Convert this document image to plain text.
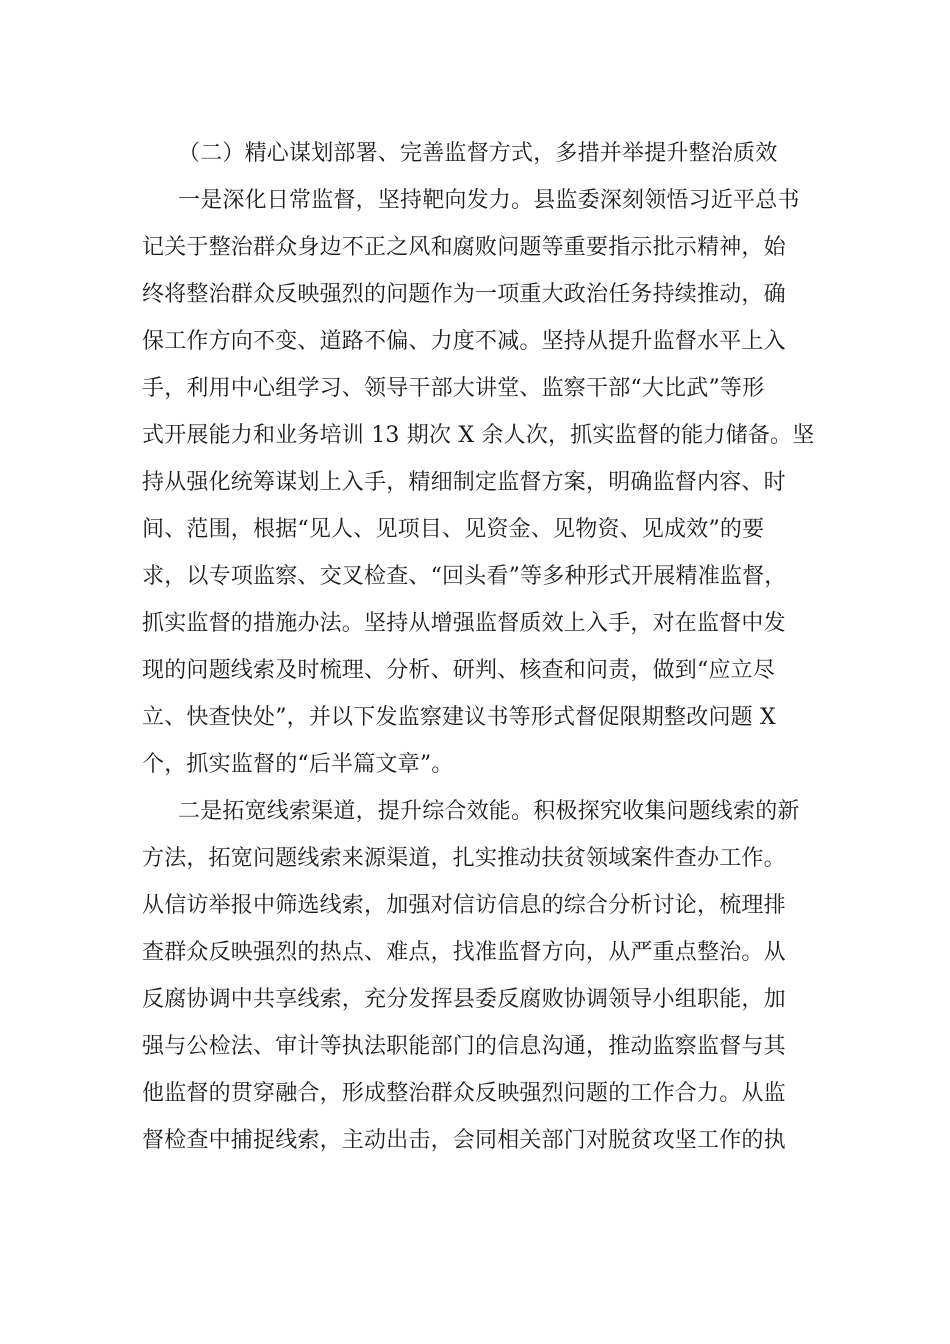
（二）精心谋划部署、完善监督方式，多措并举提升整治质效
一是深化日常监督，坚持靶向发力。县监委深刻领悟习近平总书
记关于整治群众身边不正之风和腐败问题等重要指示批示精神，始
终将整治群众反映强烈的问题作为一项重大政治任务持续推动，确
保工作方向不变、道路不偏、力度不减。坚持从提升监督水平上入
手，利用中心组学习、领导干部大讲堂、监察干部“大比武”等形
式开展能力和业务培训 13 期次 X 余人次，抓实监督的能力储备。坚
持从强化统筹谋划上入手，精细制定监督方案，明确监督内容、时
间、范围，根据“见人、见项目、见资金、见物资、见成效”的要
求，以专项监察、交叉检查、“回头看”等多种形式开展精准监督，
抓实监督的措施办法。坚持从增强监督质效上入手，对在监督中发
现的问题线索及时梳理、分析、研判、核查和问责，做到“应立尽
立、快查快处”，并以下发监察建议书等形式督促限期整改问题 X
个，抓实监督的“后半篇文章”。
二是拓宽线索渠道，提升综合效能。积极探究收集问题线索的新
方法，拓宽问题线索来源渠道，扎实推动扶贫领域案件查办工作。
从信访举报中筛选线索，加强对信访信息的综合分析讨论，梳理排
查群众反映强烈的热点、难点，找准监督方向，从严重点整治。从
反腐协调中共享线索，充分发挥县委反腐败协调领导小组职能，加
强与公检法、审计等执法职能部门的信息沟通，推动监察监督与其
他监督的贯穿融合，形成整治群众反映强烈问题的工作合力。从监
督检查中捕捉线索，主动出击，会同相关部门对脱贫攻坚工作的执
